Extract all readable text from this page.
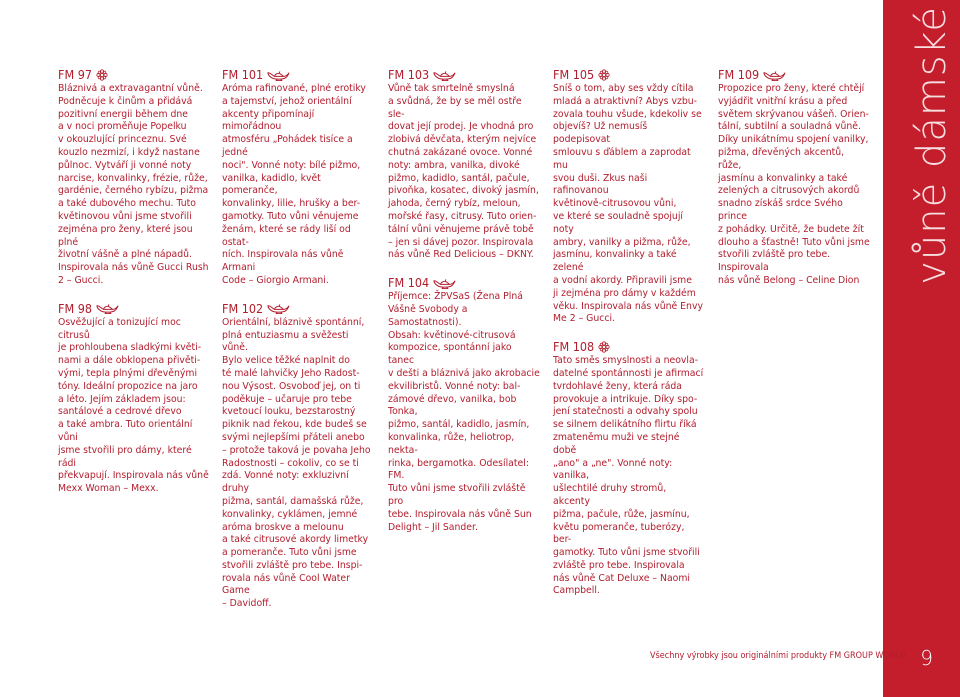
vůně dámské
9
FM 97

Bláznivá a extravagantní vůně.
Podněcuje k činům a přidává
pozitivní energii během dne
a v noci proměňuje Popelku
v okouzlující princeznu. Své
kouzlo nezmizí, i když nastane
půlnoc. Vytváří ji vonné noty
narcise, konvalinky, frézie, růže,
gardénie, černého rybízu, pižma
a také dubového mechu. Tuto
květinovou vůni jsme stvořili
zejména pro ženy, které jsou plné
životní vášně a plné nápadů.
Inspirovala nás vůně Gucci Rush
2 – Gucci.

FM 98

Osvěžující a tonizující moc citrusů
je prohloubena sladkými květi-
nami a dále obklopena přivěti-
vými, tepla plnými dřevěnými
tóny. Ideální propozice na jaro
a léto. Jejím základem jsou:
santálové a cedrové dřevo
a také ambra. Tuto orientální vůni
jsme stvořili pro dámy, které rádi
překvapují. Inspirovala nás vůně
Mexx Woman – Mexx.

FM 101

Aróma rafinované, plné erotiky
a tajemství, jehož orientální
akcenty připomínají mimořádnou
atmosféru „Pohádek tisíce a jedné
noci". Vonné noty: bílé pižmo,
vanilka, kadidlo, květ pomeranče,
konvalinky, lilie, hrušky a ber-
gamotky. Tuto vůni věnujeme
ženám, které se rády liší od ostat-
ních. Inspirovala nás vůně Armani
Code – Giorgio Armani.

FM 102

Orientální, bláznivě spontánní,
plná entuziasmu a svěžesti vůně.
Bylo velice těžké naplnit do
té malé lahvičky Jeho Radost-
nou Výsost. Osvoboď jej, on ti
poděkuje – učaruje pro tebe
kvetoucí louku, bezstarostný
piknik nad řekou, kde budeš se
svými nejlepšími přáteli anebo
– protože taková je povaha Jeho
Radostnosti – cokoliv, co se ti
zdá. Vonné noty: exkluzivní druhy
pižma, santál, damašská růže,
konvalinky, cyklámen, jemné
aróma broskve a melounu
a také citrusové akordy limetky
a pomeranče. Tuto vůni jsme
stvořili zvláště pro tebe. Inspi-
rovala nás vůně Cool Water Game
– Davidoff.

FM 103

Vůně tak smrtelně smyslná
a svůdná, že by se měl ostře sle-
dovat její prodej. Je vhodná pro
zlobivá děvčata, kterým nejvíce
chutná zakázané ovoce. Vonné
noty: ambra, vanilka, divoké
pižmo, kadidlo, santál, pačule,
pivoňka, kosatec, divoký jasmín,
jahoda, černý rybíz, meloun,
mořské řasy, citrusy. Tuto orien-
tální vůni věnujeme právě tobě
– jen si dávej pozor. Inspirovala
nás vůně Red Delicious – DKNY.

FM 104

Příjemce: ŽPVSaS (Žena Plná
Vášně Svobody a Samostatnosti).
Obsah: květinové-citrusová
kompozice, spontánní jako tanec
v dešti a bláznivá jako akrobacie
ekvilibristů. Vonné noty: bal-
zámové dřevo, vanilka, bob Tonka,
pižmo, santál, kadidlo, jasmín,
konvalinka, růže, heliotrop, nekta-
rinka, bergamotka. Odesílatel: FM.
Tuto vůni jsme stvořili zvláště pro
tebe. Inspirovala nás vůně Sun
Delight – Jil Sander.

FM 105

Sníš o tom, aby ses vždy cítila
mladá a atraktivní? Abys vzbu-
zovala touhu všude, kdekoliv se
objevíš? Už nemusíš podepisovat
smlouvu s ďáblem a zaprodat mu
svou duši. Zkus naši rafinovanou
květinově-citrusovou vůni,
ve které se souladně spojují noty
ambry, vanilky a pižma, růže,
jasmínu, konvalinky a také zelené
a vodní akordy. Připravili jsme
ji zejména pro dámy v každém
věku. Inspirovala nás vůně Envy
Me 2 – Gucci.

FM 108

Tato směs smyslnosti a neovla-
datelné spontánnosti je afirmací
tvrdohlavé ženy, která ráda
provokuje a intrikuje. Díky spo-
jení statečnosti a odvahy spolu
se silnem delikátního flirtu říká
zmateněmu muži ve stejné době
„ano" a „ne". Vonné noty: vanilka,
ušlechtilé druhy stromů, akcenty
pižma, pačule, růže, jasmínu,
květu pomeranče, tuberózy, ber-
gamotky. Tuto vůni jsme stvořili
zvláště pro tebe. Inspirovala
nás vůně Cat Deluxe – Naomi
Campbell.

FM 109

Propozice pro ženy, které chtějí
vyjádřit vnitřní krásu a před
světem skrývanou vášeň. Orien-
tální, subtilní a souladná vůně.
Díky unikátnímu spojení vanilky,
pižma, dřevěných akcentů, růže,
jasmínu a konvalinky a také
zelených a citrusových akordů
snadno získáš srdce Svého prince
z pohádky. Určitě, že budete žít
dlouho a šťastně! Tuto vůni jsme
stvořili zvláště pro tebe. Inspirovala
nás vůně Belong – Celine Dion

Všechny výrobky jsou originálními produkty FM GROUP WORLD
